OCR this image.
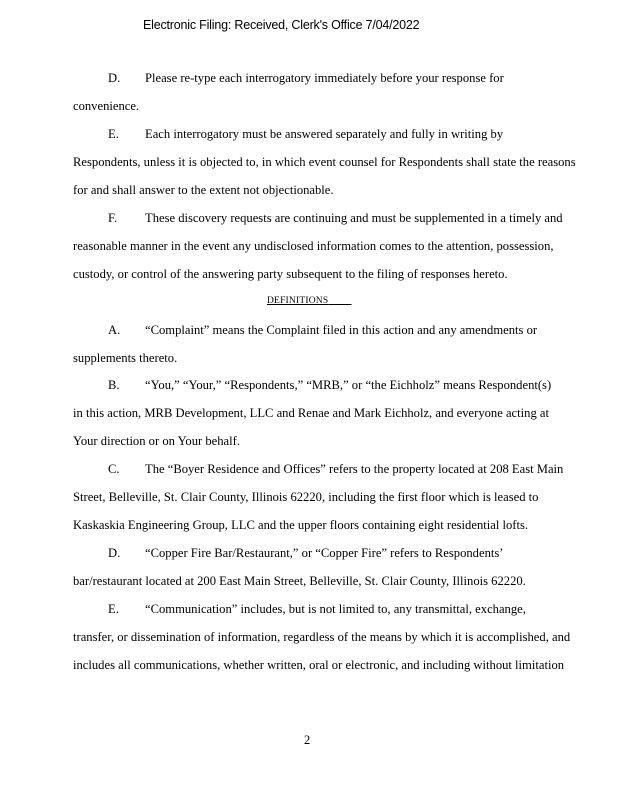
Electronic Filing: Received, Clerk's Office 7/04/2022
D. Please re-type each interrogatory immediately before your response for
convenience.
E. Each interrogatory must be answered separately and fully in writing by
Respondents, unless it is objected to, in which event counsel for Respondents shall state the reasons
for and shall answer to the extent not objectionable.
F. These discovery requests are continuing and must be supplemented in a timely and
reasonable manner in the event any undisclosed information comes to the attention, possession,
custody, or control of the answering party subsequent to the filing of responses hereto.
DEFINITIONS
A. “Complaint” means the Complaint filed in this action and any amendments or
supplements thereto.
B. “You,” “Your,” “Respondents,” “MRB,” or “the Eichholz” means Respondent(s)
in this action, MRB Development, LLC and Renae and Mark Eichholz, and everyone acting at
Your direction or on Your behalf.
C. The “Boyer Residence and Offices” refers to the property located at 208 East Main
Street, Belleville, St. Clair County, Illinois 62220, including the first floor which is leased to
Kaskaskia Engineering Group, LLC and the upper floors containing eight residential lofts.
D. “Copper Fire Bar/Restaurant,” or “Copper Fire” refers to Respondents’
bar/restaurant located at 200 East Main Street, Belleville, St. Clair County, Illinois 62220.
E. “Communication” includes, but is not limited to, any transmittal, exchange,
transfer, or dissemination of information, regardless of the means by which it is accomplished, and
includes all communications, whether written, oral or electronic, and including without limitation
2
